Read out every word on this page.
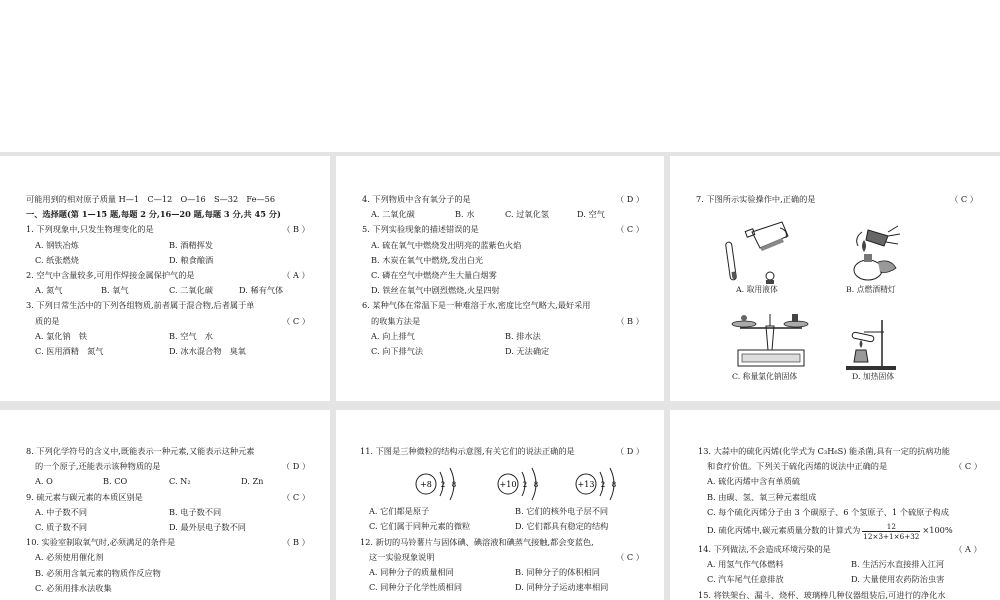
可能用到的相对原子质量 H—1　C—12　O—16　S—32　Fe—56
一、选择题(第 1—15 题,每题 2 分,16—20 题,每题 3 分,共 45 分)
1. 下列现象中,只发生物理变化的是	（ B ）
A. 钢铁冶炼	B. 酒精挥发
C. 纸张燃烧	D. 粮食酿酒
2. 空气中含量较多,可用作焊接金属保护气的是	（ A ）
A. 氮气	B. 氧气	C. 二氧化碳	D. 稀有气体
3. 下列日常生活中的下列各组物质,前者属于混合物,后者属于单
质的是	（ C ）
A. 氯化钠　铁	B. 空气　水
C. 医用酒精　氮气	D. 冰水混合物　臭氧
4. 下列物质中含有氧分子的是	（ D ）
A. 二氧化碳	B. 水	C. 过氧化氢	D. 空气
5. 下列实验现象的描述错误的是	（ C ）
A. 硫在氧气中燃烧发出明亮的蓝紫色火焰
B. 木炭在氧气中燃烧,发出白光
C. 磷在空气中燃烧产生大量白烟雾
D. 铁丝在氧气中剧烈燃烧,火星四射
6. 某种气体在常温下是一种难溶于水,密度比空气略大,最好采用
的收集方法是	（ B ）
A. 向上排气	B. 排水法
C. 向下排气法	D. 无法确定
7. 下图所示实验操作中,正确的是	（ C ）
A. 取用液体	B. 点燃酒精灯
C. 称量氯化钠固体	D. 加热固体
8. 下列化学符号的含义中,既能表示一种元素,又能表示这种元素
的一个原子,还能表示该种物质的是	（ D ）
A. O	B. CO	C. N₂	D. Zn
9. 硫元素与碳元素的本质区别是	（ C ）
A. 中子数不同	B. 电子数不同
C. 质子数不同	D. 最外层电子数不同
10. 实验室制取氧气时,必须满足的条件是	（ B ）
A. 必须使用催化剂
B. 必须用含氧元素的物质作反应物
C. 必须用排水法收集
11. 下图是三种微粒的结构示意图,有关它们的说法正确的是	（ D ）
A. 它们都是原子	B. 它们的核外电子层不同
C. 它们属于同种元素的微粒	D. 它们都具有稳定的结构
12. 新切的马铃薯片与固体碘、碘溶液和碘蒸气接触,都会变蓝色,
这一实验现象说明	（ C ）
A. 同种分子的质量相同	B. 同种分子的体积相同
C. 同种分子化学性质相同	D. 同种分子运动速率相同
+8 2 8	+10 2 8	+13 2 8
13. 大蒜中的硫化丙烯(化学式为 C₃H₆S) 能杀菌,具有一定的抗病功能
和食疗价值。下列关于硫化丙烯的说法中正确的是	（ C ）
A. 硫化丙烯中含有单质硫
B. 由碳、氢、氧三种元素组成
C. 每个硫化丙烯分子由 3 个碳原子、6 个氢原子、1 个硫原子构成
D. 硫化丙烯中,碳元素质量分数的计算式为 $\frac{12}{12\times 3+1\times 6+32} \times 100\%$
14. 下列做法,不会造成环境污染的是	（ A ）
A. 用氢气作气体燃料	B. 生活污水直接排入江河
C. 汽车尾气任意排放	D. 大量使用农药防治虫害
15. 将铁架台、漏斗、烧杯、玻璃棒几种仪器组装后,可进行的净化水
